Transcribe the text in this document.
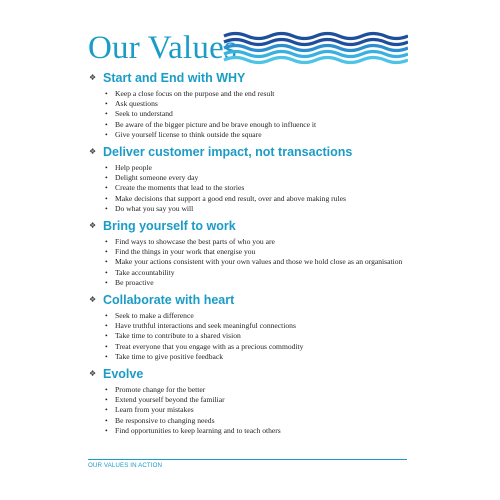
Our Values
❖ Start and End with WHY
• Keep a close focus on the purpose and the end result
• Ask questions
• Seek to understand
• Be aware of the bigger picture and be brave enough to influence it
• Give yourself license to think outside the square
❖ Deliver customer impact, not transactions
• Help people
• Delight someone every day
• Create the moments that lead to the stories
• Make decisions that support a good end result, over and above making rules
• Do what you say you will
❖ Bring yourself to work
• Find ways to showcase the best parts of who you are
• Find the things in your work that energise you
• Make your actions consistent with your own values and those we hold close as an organisation
• Take accountability
• Be proactive
❖ Collaborate with heart
• Seek to make a difference
• Have truthful interactions and seek meaningful connections
• Take time to contribute to a shared vision
• Treat everyone that you engage with as a precious commodity
• Take time to give positive feedback
❖ Evolve
• Promote change for the better
• Extend yourself beyond the familiar
• Learn from your mistakes
• Be responsive to changing needs
• Find opportunities to keep learning and to teach others
OUR VALUES IN ACTION
